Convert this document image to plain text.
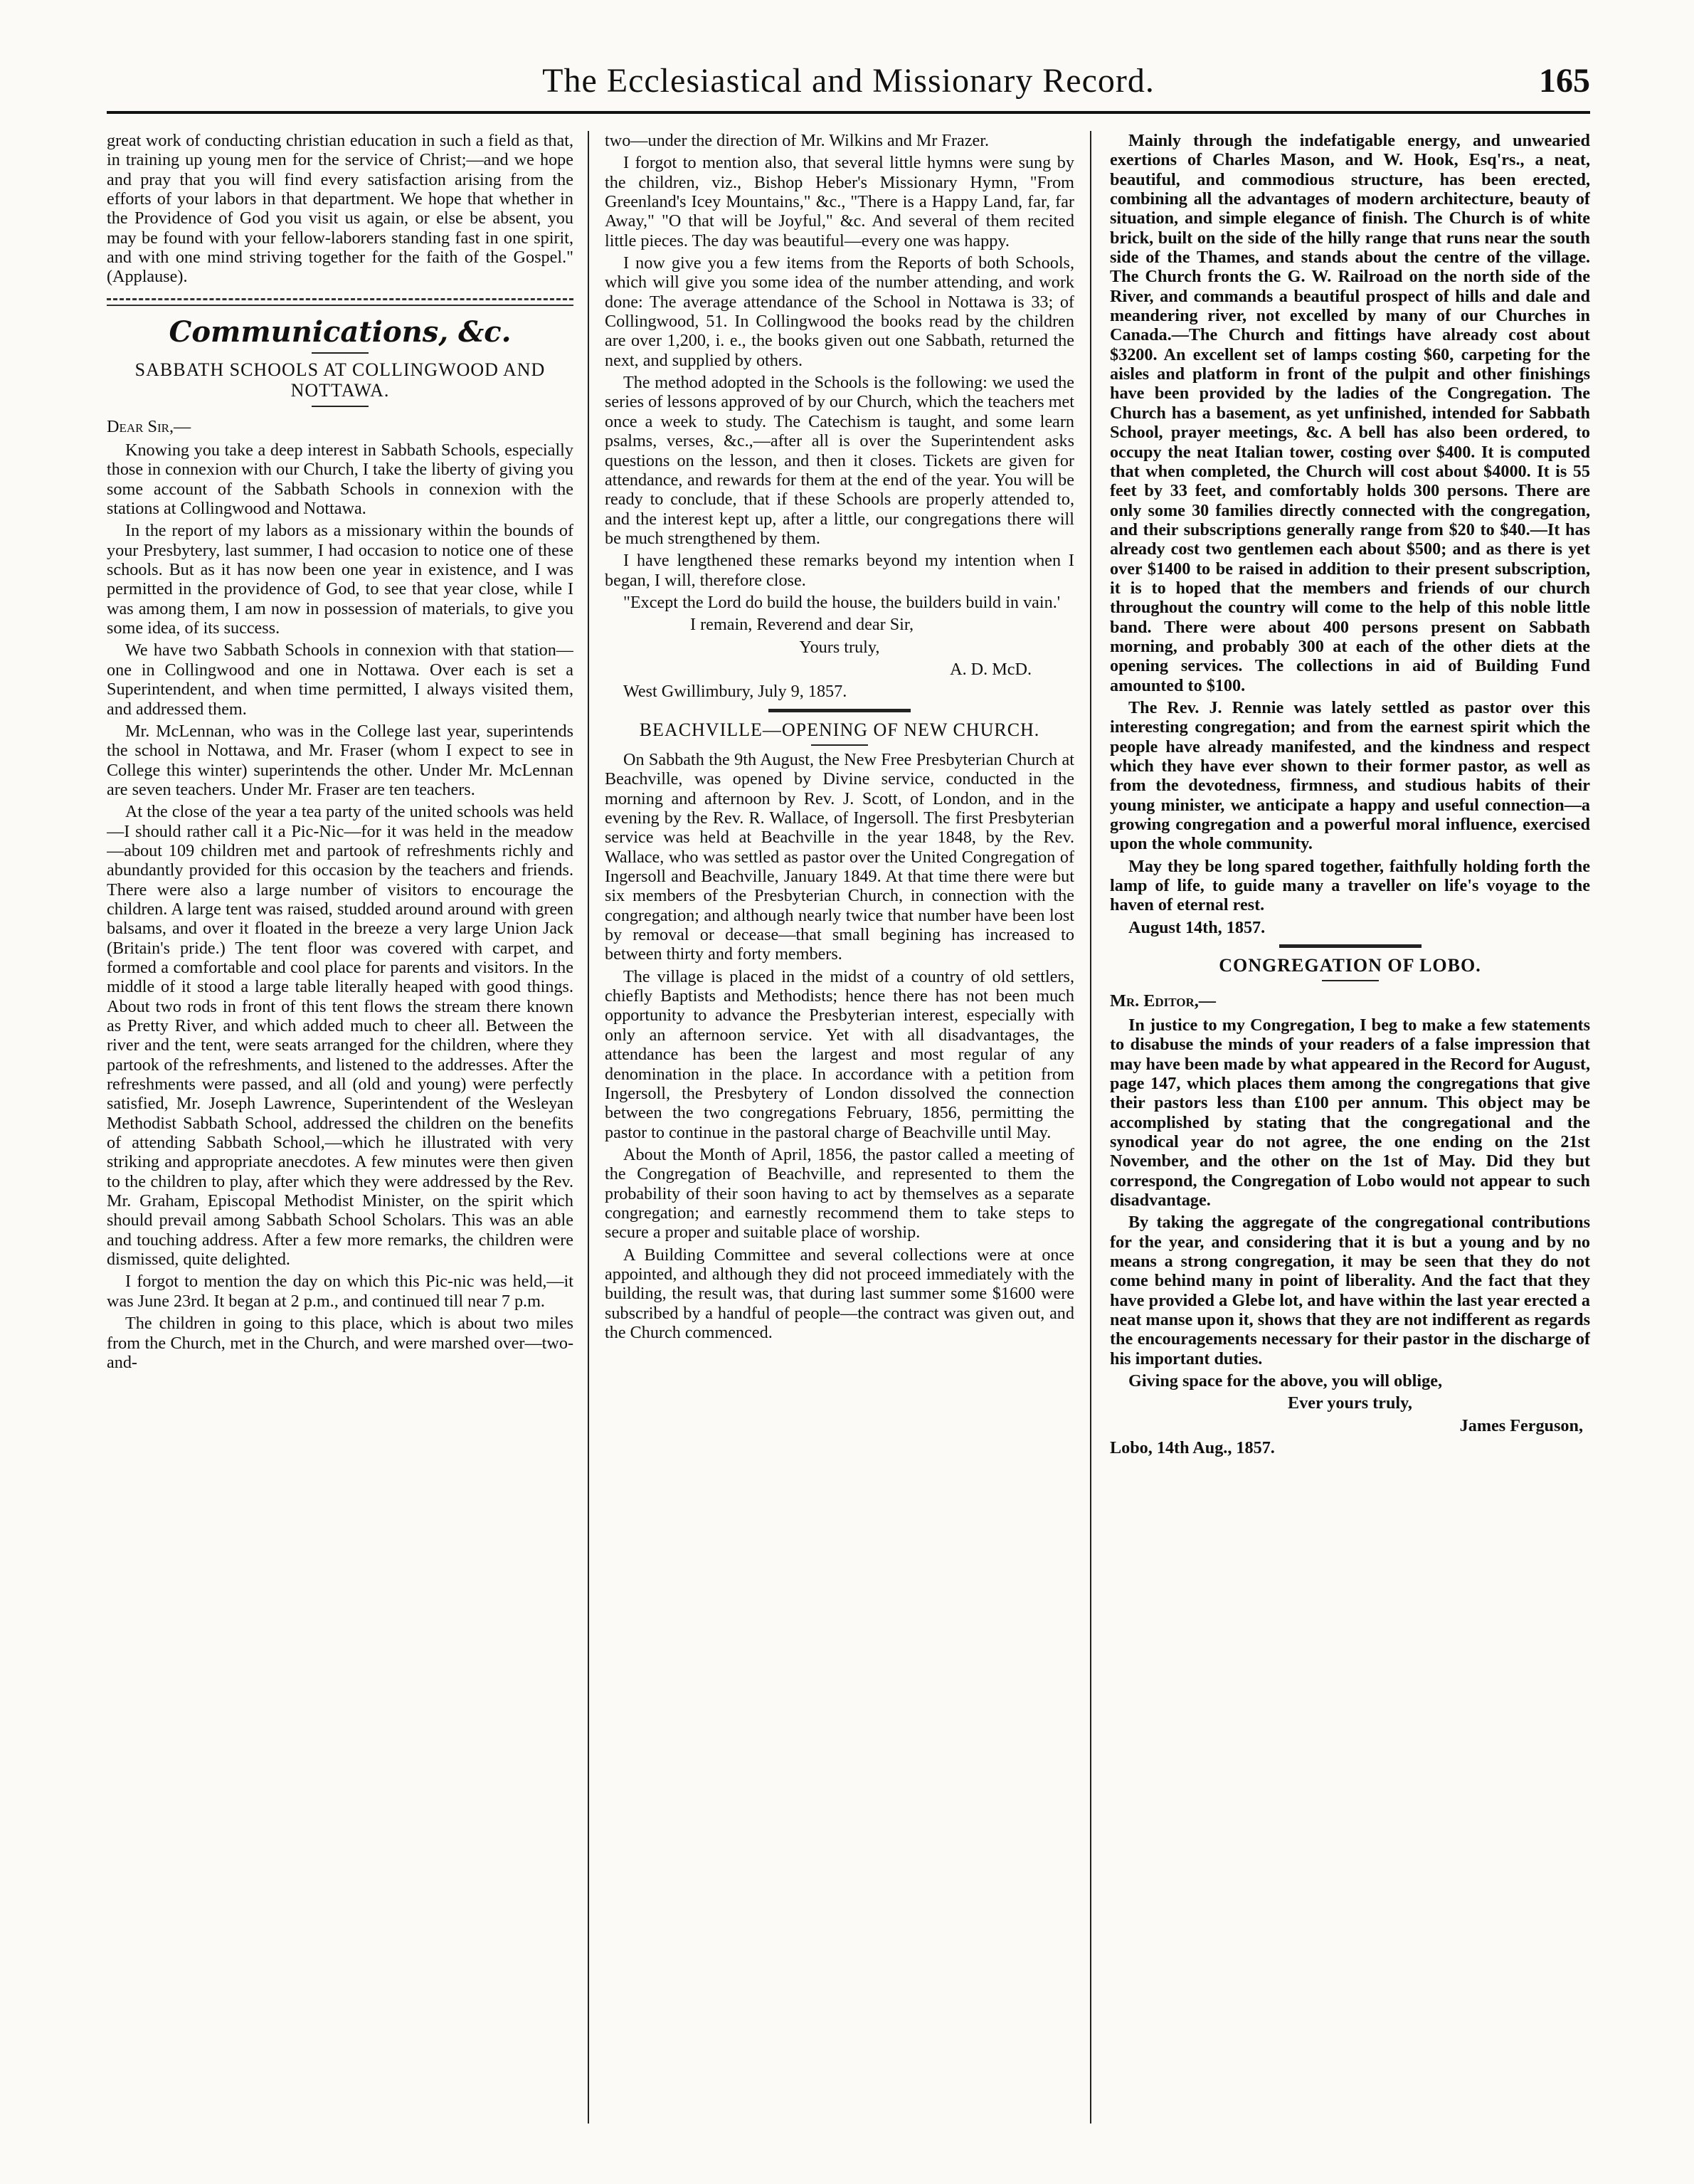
The Ecclesiastical and Missionary Record.	165

great work of conducting christian education in such a field as that, in training up young men for the service of Christ;—and we hope and pray that you will find every satisfaction arising from the efforts of your labors in that department. We hope that whether in the Providence of God you visit us again, or else be absent, you may be found with your fellow-laborers standing fast in one spirit, and with one mind striving together for the faith of the Gospel." (Applause).

Communications, &c.
SABBATH SCHOOLS AT COLLINGWOOD AND NOTTAWA.

Dear Sir,—

Knowing you take a deep interest in Sabbath Schools, especially those in connexion with our Church, I take the liberty of giving you some account of the Sabbath Schools in connexion with the stations at Collingwood and Nottawa.

In the report of my labors as a missionary within the bounds of your Presbytery, last summer, I had occasion to notice one of these schools. But as it has now been one year in existence, and I was permitted in the providence of God, to see that year close, while I was among them, I am now in possession of materials, to give you some idea, of its success.

We have two Sabbath Schools in connexion with that station—one in Collingwood and one in Nottawa. Over each is set a Superintendent, and when time permitted, I always visited them, and addressed them.

Mr. McLennan, who was in the College last year, superintends the school in Nottawa, and Mr. Fraser (whom I expect to see in College this winter) superintends the other. Under Mr. McLennan are seven teachers. Under Mr. Fraser are ten teachers.

At the close of the year a tea party of the united schools was held—I should rather call it a Pic-Nic—for it was held in the meadow—about 109 children met and partook of refreshments richly and abundantly provided for this occasion by the teachers and friends. There were also a large number of visitors to encourage the children. A large tent was raised, studded around around with green balsams, and over it floated in the breeze a very large Union Jack (Britain's pride.) The tent floor was covered with carpet, and formed a comfortable and cool place for parents and visitors. In the middle of it stood a large table literally heaped with good things. About two rods in front of this tent flows the stream there known as Pretty River, and which added much to cheer all. Between the river and the tent, were seats arranged for the children, where they partook of the refreshments, and listened to the addresses. After the refreshments were passed, and all (old and young) were perfectly satisfied, Mr. Joseph Lawrence, Superintendent of the Wesleyan Methodist Sabbath School, addressed the children on the benefits of attending Sabbath School,—which he illustrated with very striking and appropriate anecdotes. A few minutes were then given to the children to play, after which they were addressed by the Rev. Mr. Graham, Episcopal Methodist Minister, on the spirit which should prevail among Sabbath School Scholars. This was an able and touching address. After a few more remarks, the children were dismissed, quite delighted.

I forgot to mention the day on which this Pic-nic was held,—it was June 23rd. It began at 2 p.m., and continued till near 7 p.m.

The children in going to this place, which is about two miles from the Church, met in the Church, and were marshed over—two-and-

two—under the direction of Mr. Wilkins and Mr Frazer.

I forgot to mention also, that several little hymns were sung by the children, viz., Bishop Heber's Missionary Hymn, "From Greenland's Icey Mountains," &c., "There is a Happy Land, far, far Away," "O that will be Joyful," &c. And several of them recited little pieces. The day was beautiful—every one was happy.

I now give you a few items from the Reports of both Schools, which will give you some idea of the number attending, and work done: The average attendance of the School in Nottawa is 33; of Collingwood, 51. In Collingwood the books read by the children are over 1,200, i. e., the books given out one Sabbath, returned the next, and supplied by others.

The method adopted in the Schools is the following: we used the series of lessons approved of by our Church, which the teachers met once a week to study. The Catechism is taught, and some learn psalms, verses, &c.,—after all is over the Superintendent asks questions on the lesson, and then it closes. Tickets are given for attendance, and rewards for them at the end of the year. You will be ready to conclude, that if these Schools are properly attended to, and the interest kept up, after a little, our congregations there will be much strengthened by them.

I have lengthened these remarks beyond my intention when I began, I will, therefore close.

"Except the Lord do build the house, the builders build in vain.'

I remain, Reverend and dear Sir,

Yours truly,

A. D. McD.

West Gwillimbury, July 9, 1857.

BEACHVILLE—OPENING OF NEW CHURCH.

On Sabbath the 9th August, the New Free Presbyterian Church at Beachville, was opened by Divine service, conducted in the morning and afternoon by Rev. J. Scott, of London, and in the evening by the Rev. R. Wallace, of Ingersoll. The first Presbyterian service was held at Beachville in the year 1848, by the Rev. Wallace, who was settled as pastor over the United Congregation of Ingersoll and Beachville, January 1849. At that time there were but six members of the Presbyterian Church, in connection with the congregation; and although nearly twice that number have been lost by removal or decease—that small begining has increased to between thirty and forty members.

The village is placed in the midst of a country of old settlers, chiefly Baptists and Methodists; hence there has not been much opportunity to advance the Presbyterian interest, especially with only an afternoon service. Yet with all disadvantages, the attendance has been the largest and most regular of any denomination in the place. In accordance with a petition from Ingersoll, the Presbytery of London dissolved the connection between the two congregations February, 1856, permitting the pastor to continue in the pastoral charge of Beachville until May.

About the Month of April, 1856, the pastor called a meeting of the Congregation of Beachville, and represented to them the probability of their soon having to act by themselves as a separate congregation; and earnestly recommend them to take steps to secure a proper and suitable place of worship.

A Building Committee and several collections were at once appointed, and although they did not proceed immediately with the building, the result was, that during last summer some $1600 were subscribed by a handful of people—the contract was given out, and the Church commenced.

Mainly through the indefatigable energy, and unwearied exertions of Charles Mason, and W. Hook, Esq'rs., a neat, beautiful, and commodious structure, has been erected, combining all the advantages of modern architecture, beauty of situation, and simple elegance of finish. The Church is of white brick, built on the side of the hilly range that runs near the south side of the Thames, and stands about the centre of the village. The Church fronts the G. W. Railroad on the north side of the River, and commands a beautiful prospect of hills and dale and meandering river, not excelled by many of our Churches in Canada.—The Church and fittings have already cost about $3200. An excellent set of lamps costing $60, carpeting for the aisles and platform in front of the pulpit and other finishings have been provided by the ladies of the Congregation. The Church has a basement, as yet unfinished, intended for Sabbath School, prayer meetings, &c. A bell has also been ordered, to occupy the neat Italian tower, costing over $400. It is computed that when completed, the Church will cost about $4000. It is 55 feet by 33 feet, and comfortably holds 300 persons. There are only some 30 families directly connected with the congregation, and their subscriptions generally range from $20 to $40.—It has already cost two gentlemen each about $500; and as there is yet over $1400 to be raised in addition to their present subscription, it is to hoped that the members and friends of our church throughout the country will come to the help of this noble little band. There were about 400 persons present on Sabbath morning, and probably 300 at each of the other diets at the opening services. The collections in aid of Building Fund amounted to $100.

The Rev. J. Rennie was lately settled as pastor over this interesting congregation; and from the earnest spirit which the people have already manifested, and the kindness and respect which they have ever shown to their former pastor, as well as from the devotedness, firmness, and studious habits of their young minister, we anticipate a happy and useful connection—a growing congregation and a powerful moral influence, exercised upon the whole community.

May they be long spared together, faithfully holding forth the lamp of life, to guide many a traveller on life's voyage to the haven of eternal rest.

August 14th, 1857.

CONGREGATION OF LOBO.

Mr. Editor,—

In justice to my Congregation, I beg to make a few statements to disabuse the minds of your readers of a false impression that may have been made by what appeared in the Record for August, page 147, which places them among the congregations that give their pastors less than £100 per annum. This object may be accomplished by stating that the congregational and the synodical year do not agree, the one ending on the 21st November, and the other on the 1st of May. Did they but correspond, the Congregation of Lobo would not appear to such disadvantage.

By taking the aggregate of the congregational contributions for the year, and considering that it is but a young and by no means a strong congregation, it may be seen that they do not come behind many in point of liberality. And the fact that they have provided a Glebe lot, and have within the last year erected a neat manse upon it, shows that they are not indifferent as regards the encouragements necessary for their pastor in the discharge of his important duties.

Giving space for the above, you will oblige,

Ever yours truly,

James Ferguson,

Lobo, 14th Aug., 1857.
